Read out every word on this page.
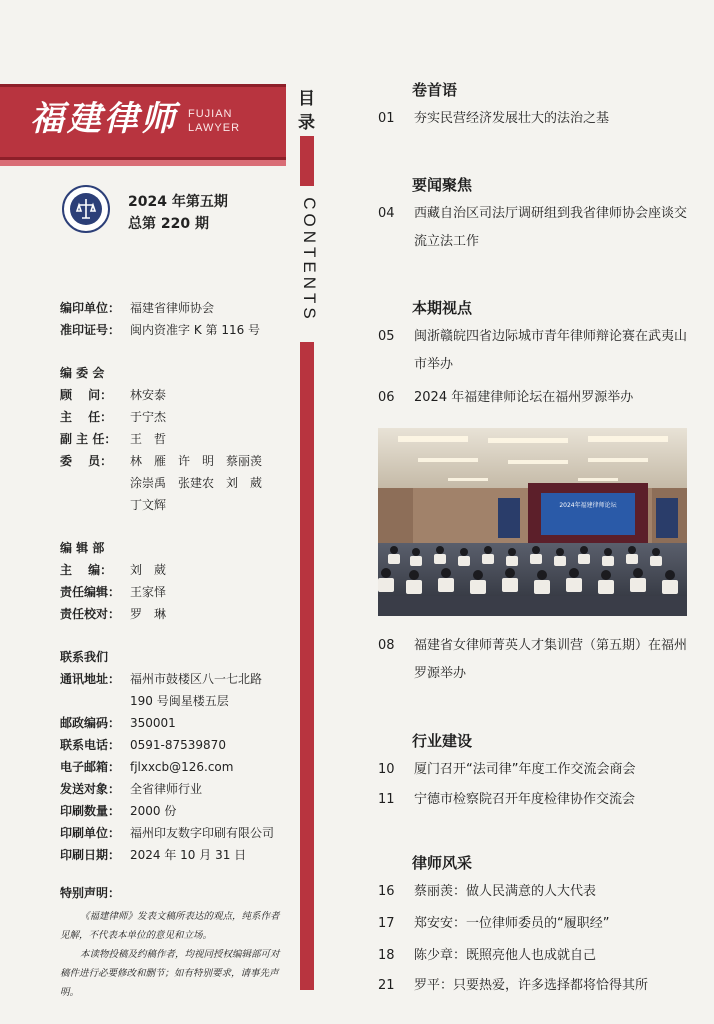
福建律师 FUJIAN
LAWYER
2024 年第五期
总第 220 期
编印单位： 福建省律师协会
准印证号： 闽内资准字 K 第 116 号
编 委 会
顾　 问：	林安泰
主　 任：	于宁杰
副 主 任：	王　哲
委　 员：	林　雁　许　明　蔡丽羡
涂崇禹　张建农　刘　葳
丁文辉
编 辑 部
主　 编：	刘　葳
责任编辑： 王家怿
责任校对： 罗　琳
联系我们
通讯地址： 福州市鼓楼区八一七北路
190 号闽星楼五层
邮政编码： 350001
联系电话： 0591-87539870
电子邮箱： fjlxxcb@126.com
发送对象： 全省律师行业
印刷数量： 2000 份
印刷单位： 福州印友数字印刷有限公司
印刷日期： 2024 年 10 月 31 日
特别声明：

《福建律师》发表文稿所表达的观点，纯系作者见解，不代表本单位的意见和立场。

本读物投稿及约稿作者，均视同授权编辑部可对稿件进行必要修改和删节；如有特别要求，请事先声明。

目
录
CONTENTS
卷首语
01	夯实民营经济发展壮大的法治之基
要闻聚焦
04	西藏自治区司法厅调研组到我省律师协会座谈交流立法工作
本期视点
05	闽浙赣皖四省边际城市青年律师辩论赛在武夷山市举办
06	2024 年福建律师论坛在福州罗源举办
2024年福建律师论坛
08	福建省女律师菁英人才集训营（第五期）在福州罗源举办
行业建设
10	厦门召开“法司律”年度工作交流会商会
11	宁德市检察院召开年度检律协作交流会
律师风采
16	蔡丽羡：做人民满意的人大代表
17	郑安安：一位律师委员的“履职经”
18	陈少章：既照亮他人也成就自己
21	罗平：只要热爱，许多选择都将恰得其所
